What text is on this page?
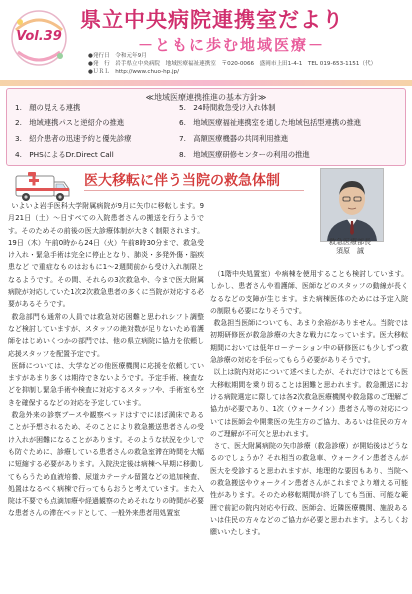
Vol.39
県立中央病院連携室だより
－ともに歩む地域医療－
●発行日　令和元年9月
●発　行　岩手県立中央病院　地域医療福祉連携室　〒020-0066　盛岡市上田1-4-1　TEL 019-653-1151（代）
●ＵＲＬ　http://www.chuo-hp.jp/
≪地域医療連携推進の基本方針≫
1.　顔の見える連携
2.　地域連携パスと逆紹介の推進
3.　紹介患者の迅速予約と優先診療
4.　PHSによるDr.Direct Call
5.　24時間救急受け入れ体制
6.　地域医療福祉連携室を通した地域包括型連携の推進
7.　高額医療機器の共同利用推進
8.　地域医療研修センターの利用の推進
医大移転に伴う当院の救急体制
救急医療部長
須原　誠

いよいよ岩手医科大学附属病院が9月に矢巾に移転します。9月21日（土）～日すべての入院患者さんの搬送を行うようです。そのためその前後の医大診療体制が大きく制限されます。19日（木）午前0時から24日（火）午前8時30分まで、救急受け入れ・緊急手術は完全に停止となり、肺炎・多発外傷・脳疾患など で重症なものはおもに1～2週間前から受け入れ制限となるようです。その間、それらの3次救急や、今まで医大附属病院が対応していた1次2次救急患者の多くに当院が対応する必要があるそうです。

救急部門も通常の人員では救急対応困難と思われシフト調整など検討していますが、スタッフの絶対数が足りないため看護師をはじめいくつかの部門では、他の県立病院に協力を依頼し応援スタッフを配置予定です。

医師については、大学などの他医療機関に応援を依頼していますがあまり多くは期待できないようです。予定手術、検査などを抑制し緊急手術や検査に対応するスタッフや、手術室も空きを確保するなどの対応を予定しています。

救急外来の診察ブースや観察ベッドはすでにほぼ満床であることが予想されるため、そのことにより救急搬送患者さんの受け入れが困難になることがあります。そのような状況を少しでも防ぐために、診療している患者さんの救急室滞在時間を大幅に短縮する必要があります。入院決定後は病棟へ早期に移動してもらうため血液培養、尿道カテーテル留置などの追加検査、処置はなるべく病棟で行ってもらおうと考えています。また入院は不要でも点滴加療や経過観察のためそれなりの時間が必要な患者さんの滞在ベッドとして、一般外来患者用処置室

（1階中央処置室）や病棟を使用することも検討しています。しかし、患者さんや看護師、医師などのスタッフの動線が長くなるなどの支障が生じます。また病棟医体のためには予定入院の制限も必要になりそうです。

救急担当医師についても、あまり余裕がありません。当院では初期研修医が救急診療の大きな戦力になっています。医大移転期間においては低年ローテーション中の研修医にも少しずつ救急診療の対応を手伝ってもらう必要がありそうです。

以上は院内対応について述べましたが、それだけではとても医大移転期間を乗り切ることは困難と思われます。救急搬送における病院選定に際しては各2次救急医療機関や救急隊のご理解ご協力が必要であり、1次（ウォークイン）患者さん等の対応については医師会や開業医の先生方のご協力、あるいは住民の方々のご理解が不可欠と思われます。

さて、医大附属病院の矢巾診療（救急診療）が開始後はどうなるのでしょうか？それ相当の救急車、ウォークイン患者さんが医大を受診すると思われますが、地理的な要因もあり、当院への救急搬送やウォークイン患者さんがこれまでより増える可能性があります。そのため移転期間が終了しても当面、可能な範囲で前記の院内対応や行政、医師会、近隣医療機関、施設あるいは住民の方々などのご協力が必要と思われます。よろしくお願いいたします。
